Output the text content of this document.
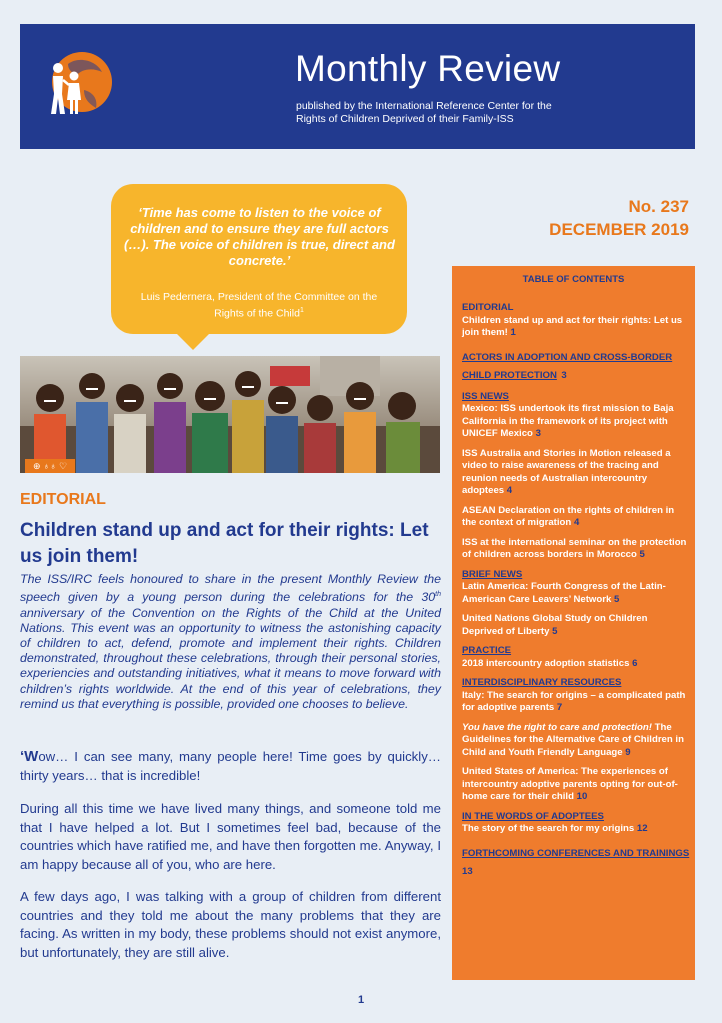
Monthly Review
published by the International Reference Center for the
Rights of Children Deprived of their Family-ISS
‘Time has come to listen to the voice of children and to ensure they are full actors (…). The voice of children is true, direct and concrete.’
Luis Pedernera, President of the Committee on the Rights of the Child$^1$
No. 237
DECEMBER 2019
⊕ ♁♁ ♡
EDITORIAL
Children stand up and act for their rights: Let us join them!
The ISS/IRC feels honoured to share in the present Monthly Review the speech given by a young person during the celebrations for the 30th anniversary of the Convention on the Rights of the Child at the United Nations. This event was an opportunity to witness the astonishing capacity of children to act, defend, promote and implement their rights. Children demonstrated, throughout these celebrations, through their personal stories, experiencies and outstanding initiatives, what it means to move forward with children’s rights worldwide. At the end of this year of celebrations, they remind us that everything is possible, provided one chooses to believe.
‘Wow… I can see many, many people here! Time goes by quickly… thirty years… that is incredible!
During all this time we have lived many things, and someone told me that I have helped a lot. But I sometimes feel bad, because of the countries which have ratified me, and have then forgotten me. Anyway, I am happy because all of you, who are here.
A few days ago, I was talking with a group of children from different countries and they told me about the many problems that they are facing. As written in my body, these problems should not exist anymore, but unfortunately, they are still alive.
1
TABLE OF CONTENTS
EDITORIAL
Children stand up and act for their rights: Let us join them! 1
ACTORS IN ADOPTION AND CROSS-BORDER CHILD PROTECTION 3
ISS NEWS
Mexico: ISS undertook its first mission to Baja California in the framework of its project with UNICEF Mexico 3
ISS Australia and Stories in Motion released a video to raise awareness of the tracing and reunion needs of Australian intercountry adoptees 4
ASEAN Declaration on the rights of children in the context of migration 4
ISS at the international seminar on the protection of children across borders in Morocco 5
BRIEF NEWS
Latin America: Fourth Congress of the Latin-American Care Leavers’ Network 5
United Nations Global Study on Children Deprived of Liberty 5
PRACTICE
2018 intercountry adoption statistics 6
INTERDISCIPLINARY RESOURCES
Italy: The search for origins – a complicated path for adoptive parents 7
You have the right to care and protection! The Guidelines for the Alternative Care of Children in Child and Youth Friendly Language 9
United States of America: The experiences of intercountry adoptive parents opting for out-of-home care for their child 10
IN THE WORDS OF ADOPTEES
The story of the search for my origins 12
FORTHCOMING CONFERENCES AND TRAININGS 13
